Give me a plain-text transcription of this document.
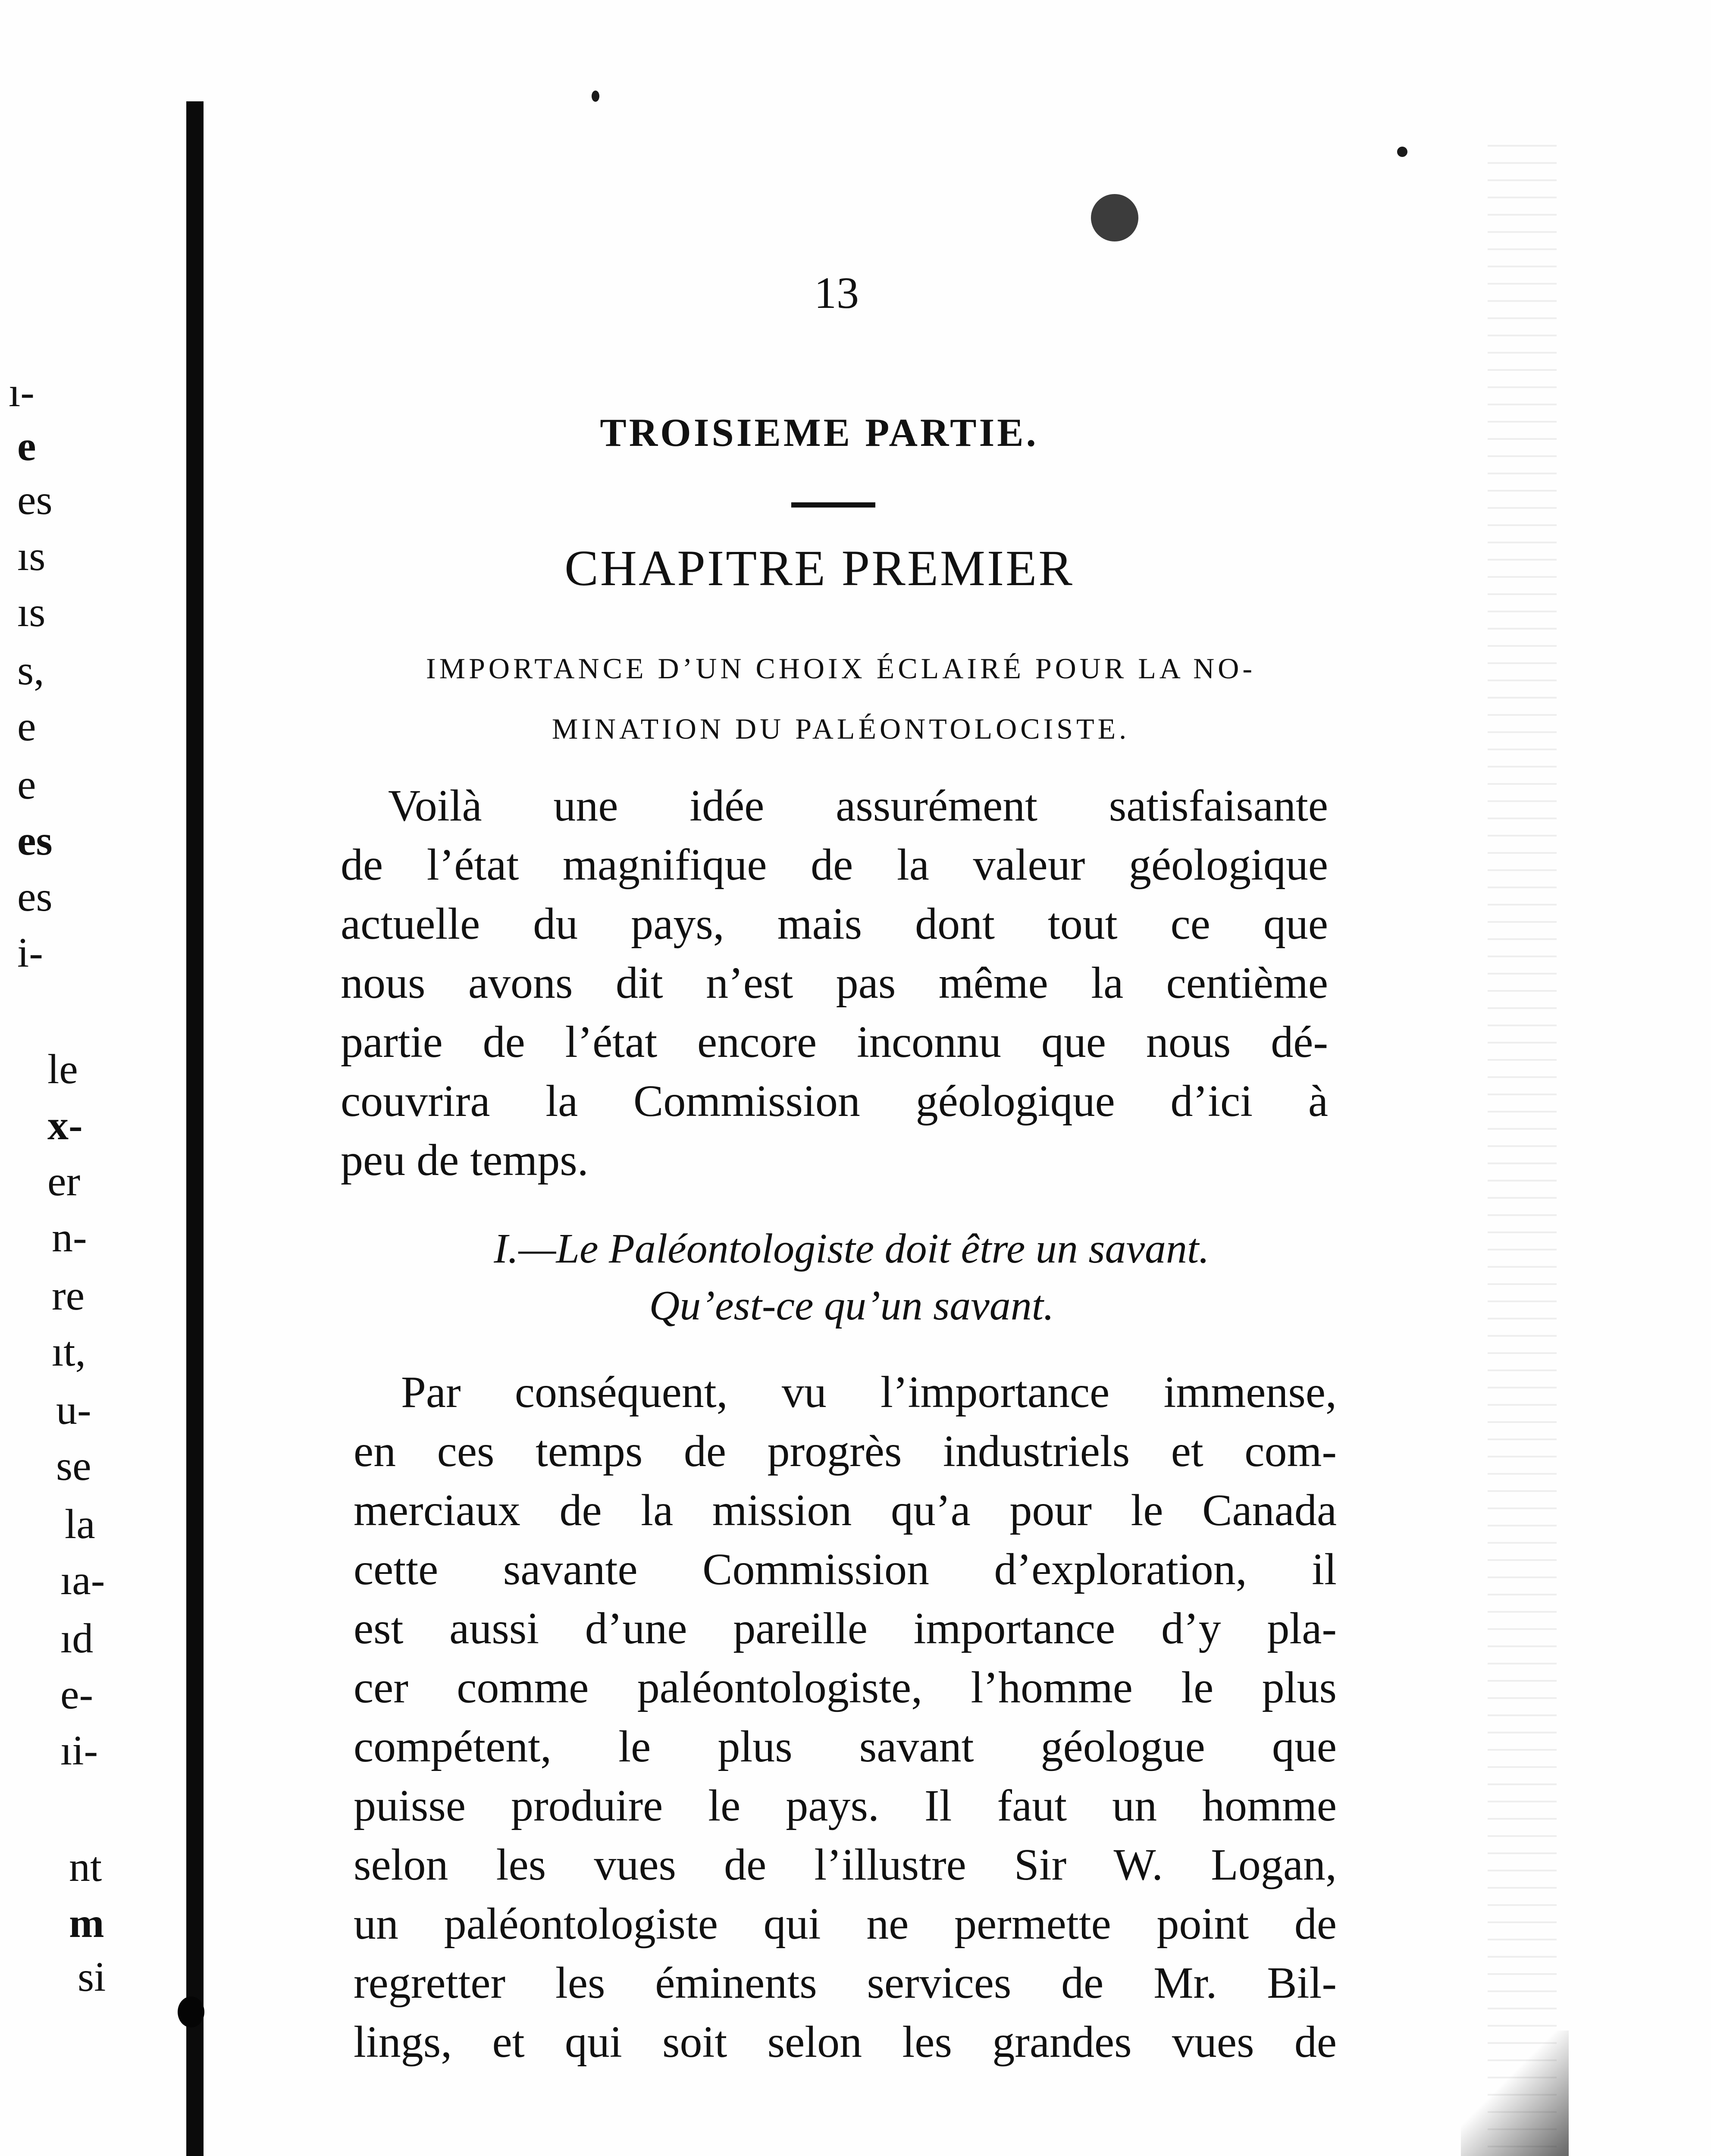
ı-
e
es
ıs
ıs
s,
e
e
es
es
i-
le
x-
er
n-
re
ıt,
u-
se
la
ıa-
ıd
e-
ıi-
nt
m
si
13
TROISIEME PARTIE.
CHAPITRE PREMIER
IMPORTANCE D’UN CHOIX ÉCLAIRÉ POUR LA NO-
MINATION DU PALÉONTOLOCISTE.
Voilà une idée assurément satisfaisante
de l’état magnifique de la valeur géologique
actuelle du pays, mais dont tout ce que
nous avons dit n’est pas même la centième
partie de l’état encore inconnu que nous dé-
couvrira la Commission géologique d’ici à
peu de temps.
I.—Le Paléontologiste doit être un savant.
Qu’est-ce qu’un savant.
Par conséquent, vu l’importance immense,
en ces temps de progrès industriels et com-
merciaux de la mission qu’a pour le Canada
cette savante Commission d’exploration, il
est aussi d’une pareille importance d’y pla-
cer comme paléontologiste, l’homme le plus
compétent, le plus savant géologue que
puisse produire le pays. Il faut un homme
selon les vues de l’illustre Sir W. Logan,
un paléontologiste qui ne permette point de
regretter les éminents services de Mr. Bil-
lings, et qui soit selon les grandes vues de
